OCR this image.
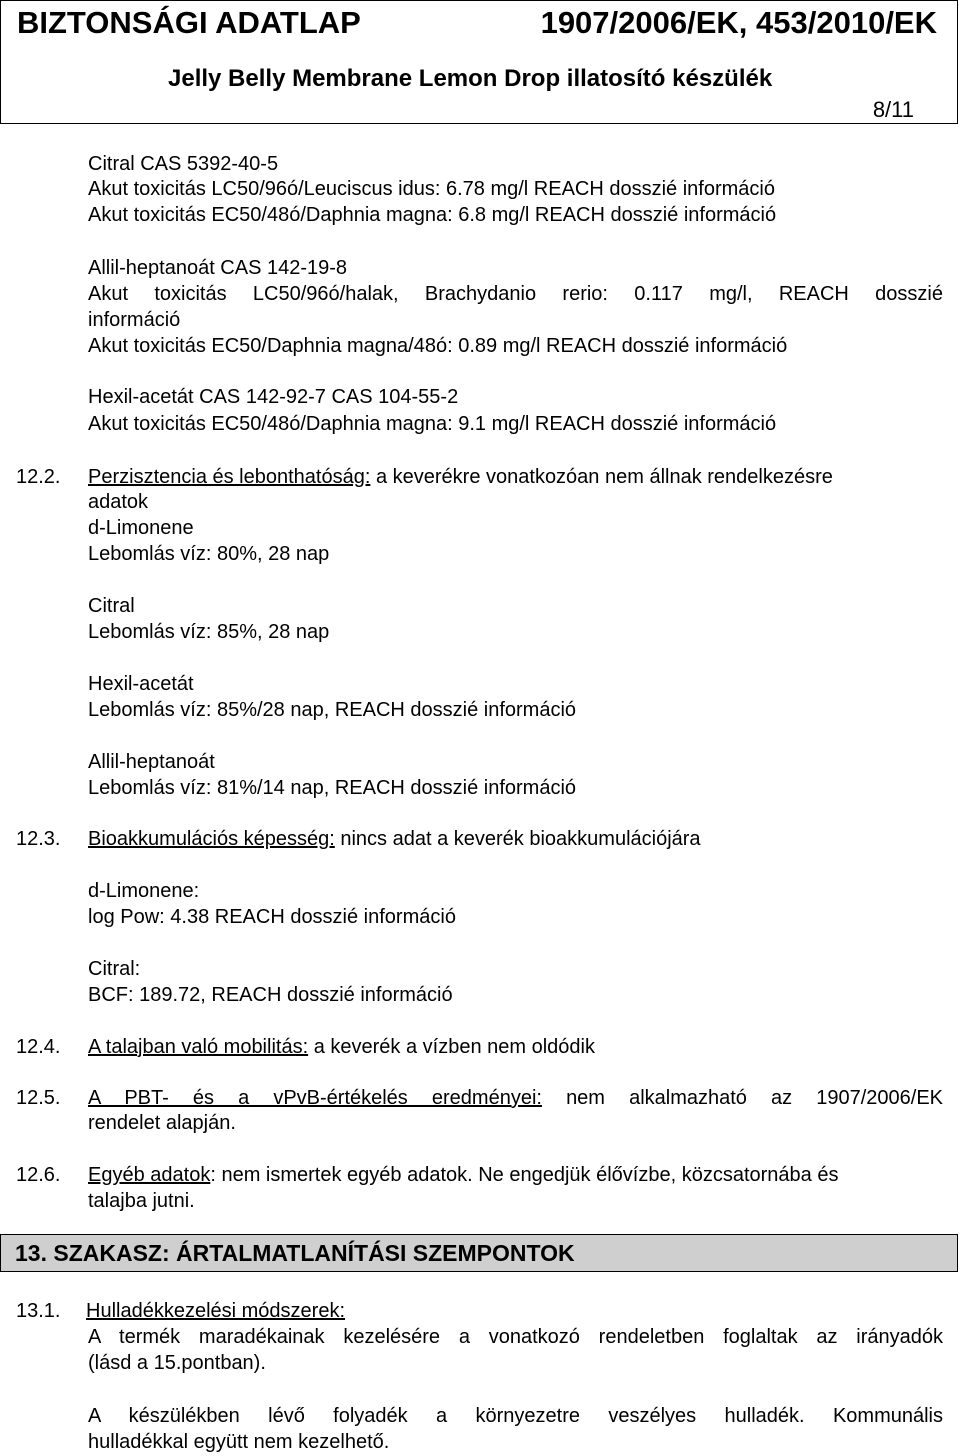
BIZTONSÁGI ADATLAP	1907/2006/EK, 453/2010/EK
Jelly Belly Membrane Lemon Drop illatosító készülék
8/11
Citral CAS 5392-40-5
Akut toxicitás LC50/96ó/Leuciscus idus: 6.78 mg/l REACH dosszié információ
Akut toxicitás EC50/48ó/Daphnia magna: 6.8 mg/l REACH dosszié információ
Allil-heptanoát CAS 142-19-8
Akut toxicitás LC50/96ó/halak, Brachydanio rerio: 0.117 mg/l, REACH dosszié
információ
Akut toxicitás EC50/Daphnia magna/48ó: 0.89 mg/l REACH dosszié információ
Hexil-acetát CAS 142-92-7 CAS 104-55-2
Akut toxicitás EC50/48ó/Daphnia magna: 9.1 mg/l REACH dosszié információ
12.2. Perzisztencia és lebonthatóság: a keverékre vonatkozóan nem állnak rendelkezésre
adatok
d-Limonene
Lebomlás víz: 80%, 28 nap
Citral
Lebomlás víz: 85%, 28 nap
Hexil-acetát
Lebomlás víz: 85%/28 nap, REACH dosszié információ
Allil-heptanoát
Lebomlás víz: 81%/14 nap, REACH dosszié információ
12.3. Bioakkumulációs képesség: nincs adat a keverék bioakkumulációjára
d-Limonene:
log Pow: 4.38 REACH dosszié információ
Citral:
BCF: 189.72, REACH dosszié információ
12.4. A talajban való mobilitás: a keverék a vízben nem oldódik
12.5. A PBT- és a vPvB-értékelés eredményei: nem alkalmazható az 1907/2006/EK
rendelet alapján.
12.6. Egyéb adatok: nem ismertek egyéb adatok. Ne engedjük élővízbe, közcsatornába és
talajba jutni.
13. SZAKASZ: ÁRTALMATLANÍTÁSI SZEMPONTOK
13.1. Hulladékkezelési módszerek:
A termék maradékainak kezelésére a vonatkozó rendeletben foglaltak az irányadók
(lásd a 15.pontban).
A készülékben lévő folyadék a környezetre veszélyes hulladék. Kommunális
hulladékkal együtt nem kezelhető.
